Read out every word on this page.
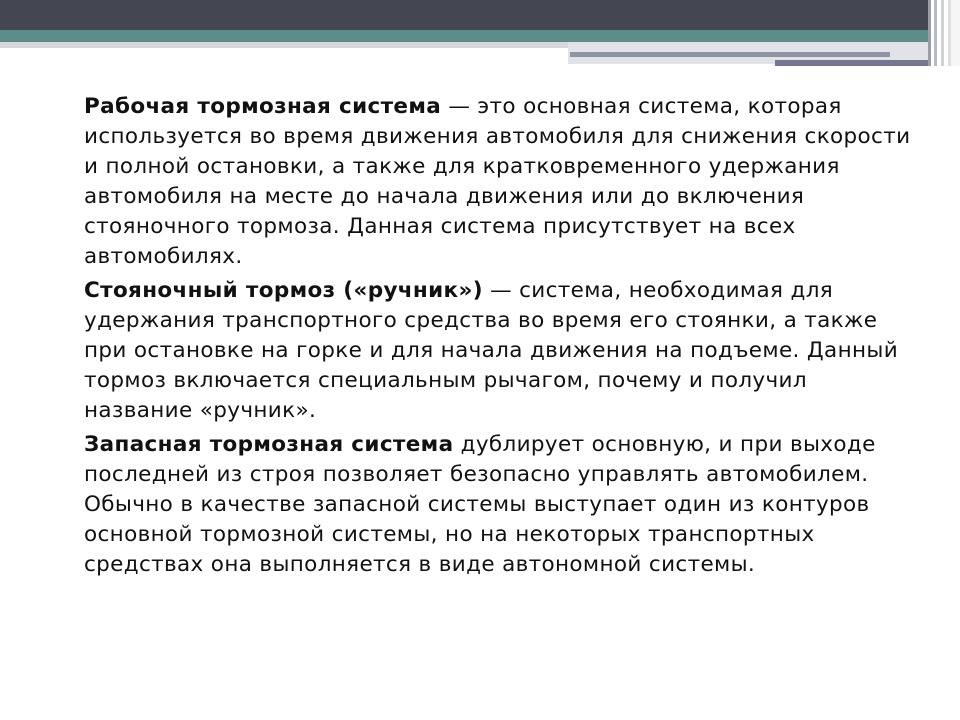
Рабочая тормозная система — это основная система, которая используется во время движения автомобиля для снижения скорости и полной остановки, а также для кратковременного удержания автомобиля на месте до начала движения или до включения стояночного тормоза. Данная система присутствует на всех автомобилях.

Стояночный тормоз («ручник») — система, необходимая для удержания транспортного средства во время его стоянки, а также при остановке на горке и для начала движения на подъеме. Данный тормоз включается специальным рычагом, почему и получил название «ручник».

Запасная тормозная система дублирует основную, и при выходе последней из строя позволяет безопасно управлять автомобилем. Обычно в качестве запасной системы выступает один из контуров основной тормозной системы, но на некоторых транспортных средствах она выполняется в виде автономной системы.
